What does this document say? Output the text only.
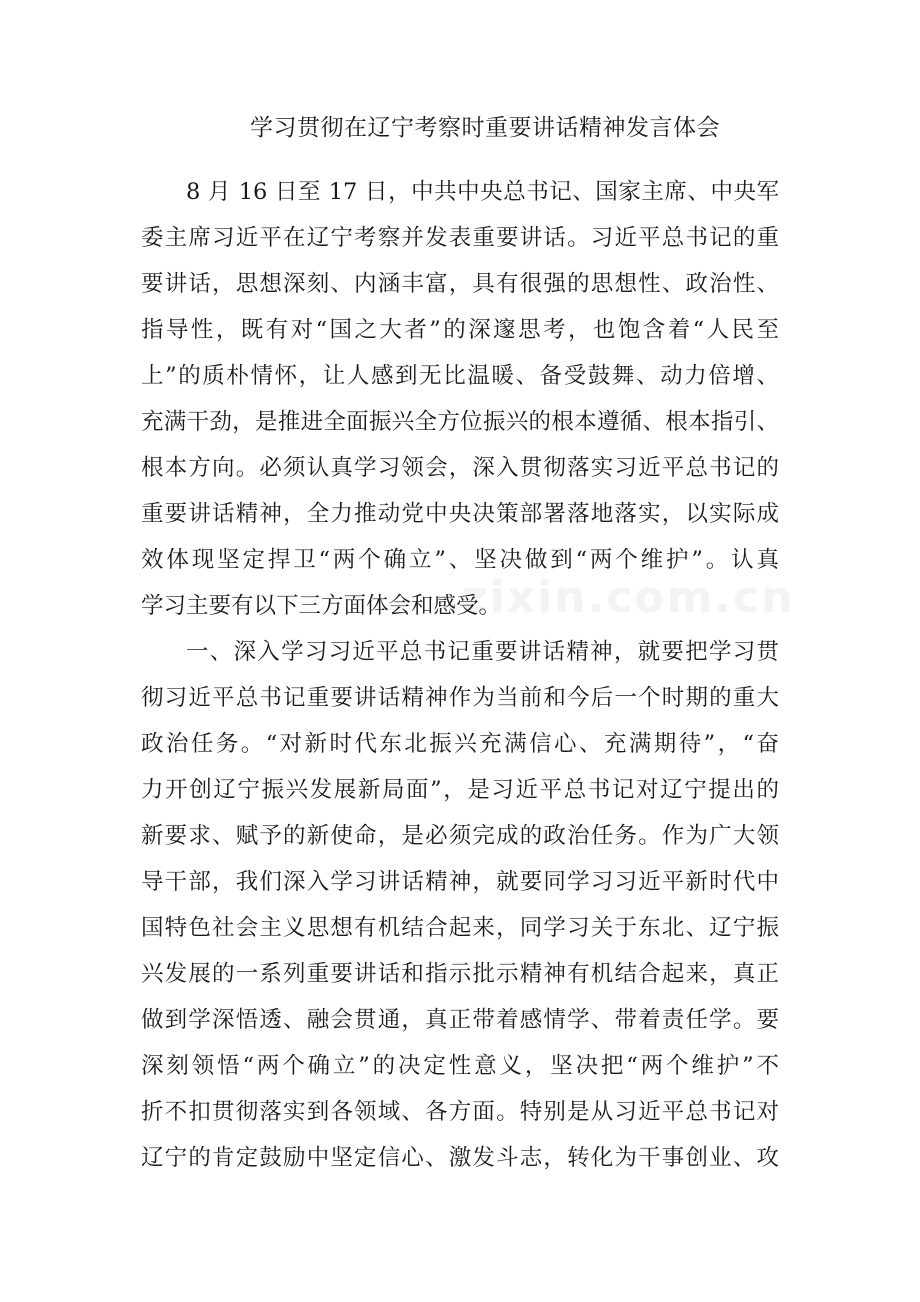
zixin.com.cn
学习贯彻在辽宁考察时重要讲话精神发言体会
8 月 16 日至 17 日，中共中央总书记、国家主席、中央军
委主席习近平在辽宁考察并发表重要讲话。习近平总书记的重
要讲话，思想深刻、内涵丰富，具有很强的思想性、政治性、
指导性，既有对“国之大者”的深邃思考，也饱含着“人民至
上”的质朴情怀，让人感到无比温暖、备受鼓舞、动力倍增、
充满干劲，是推进全面振兴全方位振兴的根本遵循、根本指引、
根本方向。必须认真学习领会，深入贯彻落实习近平总书记的
重要讲话精神，全力推动党中央决策部署落地落实，以实际成
效体现坚定捍卫“两个确立”、坚决做到“两个维护”。认真
学习主要有以下三方面体会和感受。
一、深入学习习近平总书记重要讲话精神，就要把学习贯
彻习近平总书记重要讲话精神作为当前和今后一个时期的重大
政治任务。“对新时代东北振兴充满信心、充满期待”，“奋
力开创辽宁振兴发展新局面”，是习近平总书记对辽宁提出的
新要求、赋予的新使命，是必须完成的政治任务。作为广大领
导干部，我们深入学习讲话精神，就要同学习习近平新时代中
国特色社会主义思想有机结合起来，同学习关于东北、辽宁振
兴发展的一系列重要讲话和指示批示精神有机结合起来，真正
做到学深悟透、融会贯通，真正带着感情学、带着责任学。要
深刻领悟“两个确立”的决定性意义，坚决把“两个维护”不
折不扣贯彻落实到各领域、各方面。特别是从习近平总书记对
辽宁的肯定鼓励中坚定信心、激发斗志，转化为干事创业、攻
